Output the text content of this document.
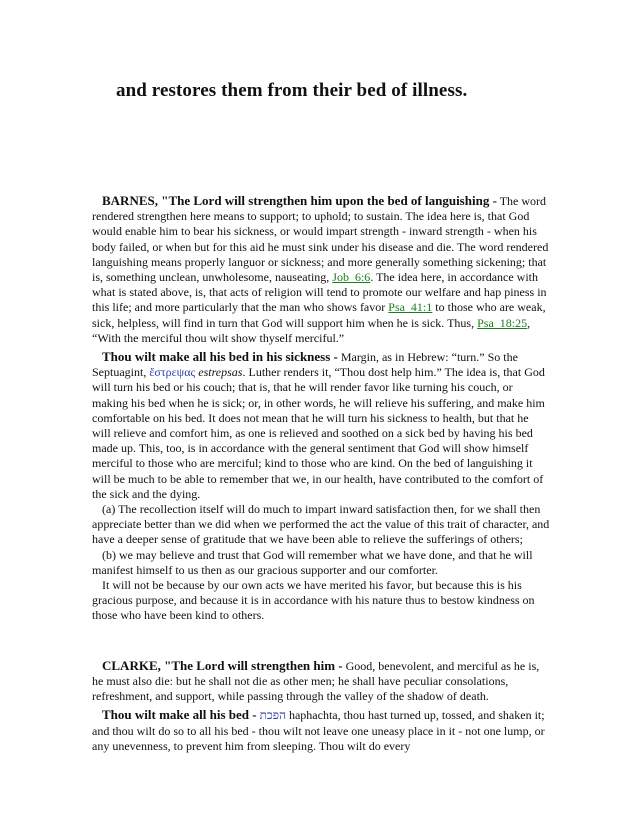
and restores them from their bed of illness.

BARNES, "The Lord will strengthen him upon the bed of languishing - The word rendered strengthen here means to support; to uphold; to sustain. The idea here is, that God would enable him to bear his sickness, or would impart strength - inward strength - when his body failed, or when but for this aid he must sink under his disease and die. The word rendered languishing means properly languor or sickness; and more generally something sickening; that is, something unclean, unwholesome, nauseating, Job_6:6. The idea here, in accordance with what is stated above, is, that acts of religion will tend to promote our welfare and hap piness in this life; and more particularly that the man who shows favor Psa_41:1 to those who are weak, sick, helpless, will find in turn that God will support him when he is sick. Thus, Psa_18:25, “With the merciful thou wilt show thyself merciful.”

Thou wilt make all his bed in his sickness - Margin, as in Hebrew: “turn.” So the Septuagint, ἔστρεψας estrepsas. Luther renders it, “Thou dost help him.” The idea is, that God will turn his bed or his couch; that is, that he will render favor like turning his couch, or making his bed when he is sick; or, in other words, he will relieve his suffering, and make him comfortable on his bed. It does not mean that he will turn his sickness to health, but that he will relieve and comfort him, as one is relieved and soothed on a sick bed by having his bed made up. This, too, is in accordance with the general sentiment that God will show himself merciful to those who are merciful; kind to those who are kind. On the bed of languishing it will be much to be able to remember that we, in our health, have contributed to the comfort of the sick and the dying.

(a) The recollection itself will do much to impart inward satisfaction then, for we shall then appreciate better than we did when we performed the act the value of this trait of character, and have a deeper sense of gratitude that we have been able to relieve the sufferings of others;

(b) we may believe and trust that God will remember what we have done, and that he will manifest himself to us then as our gracious supporter and our comforter.

It will not be because by our own acts we have merited his favor, but because this is his gracious purpose, and because it is in accordance with his nature thus to bestow kindness on those who have been kind to others.

CLARKE, "The Lord will strengthen him - Good, benevolent, and merciful as he is, he must also die: but he shall not die as other men; he shall have peculiar consolations, refreshment, and support, while passing through the valley of the shadow of death.

Thou wilt make all his bed - הפכת haphachta, thou hast turned up, tossed, and shaken it; and thou wilt do so to all his bed - thou wilt not leave one uneasy place in it - not one lump, or any unevenness, to prevent him from sleeping. Thou wilt do every
